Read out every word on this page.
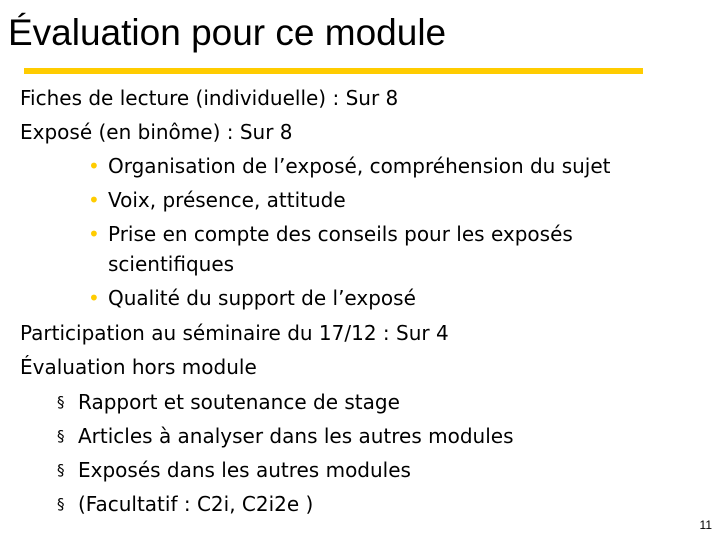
Évaluation pour ce module
Fiches de lecture (individuelle) : Sur 8
Exposé (en binôme) : Sur 8
• Organisation de l’exposé, compréhension du sujet
• Voix, présence, attitude
• Prise en compte des conseils pour les exposés
scientifiques
• Qualité du support de l’exposé
Participation au séminaire du 17/12 : Sur 4
Évaluation hors module
§ Rapport et soutenance de stage
§ Articles à analyser dans les autres modules
§ Exposés dans les autres modules
§ (Facultatif : C2i, C2i2e )
11
